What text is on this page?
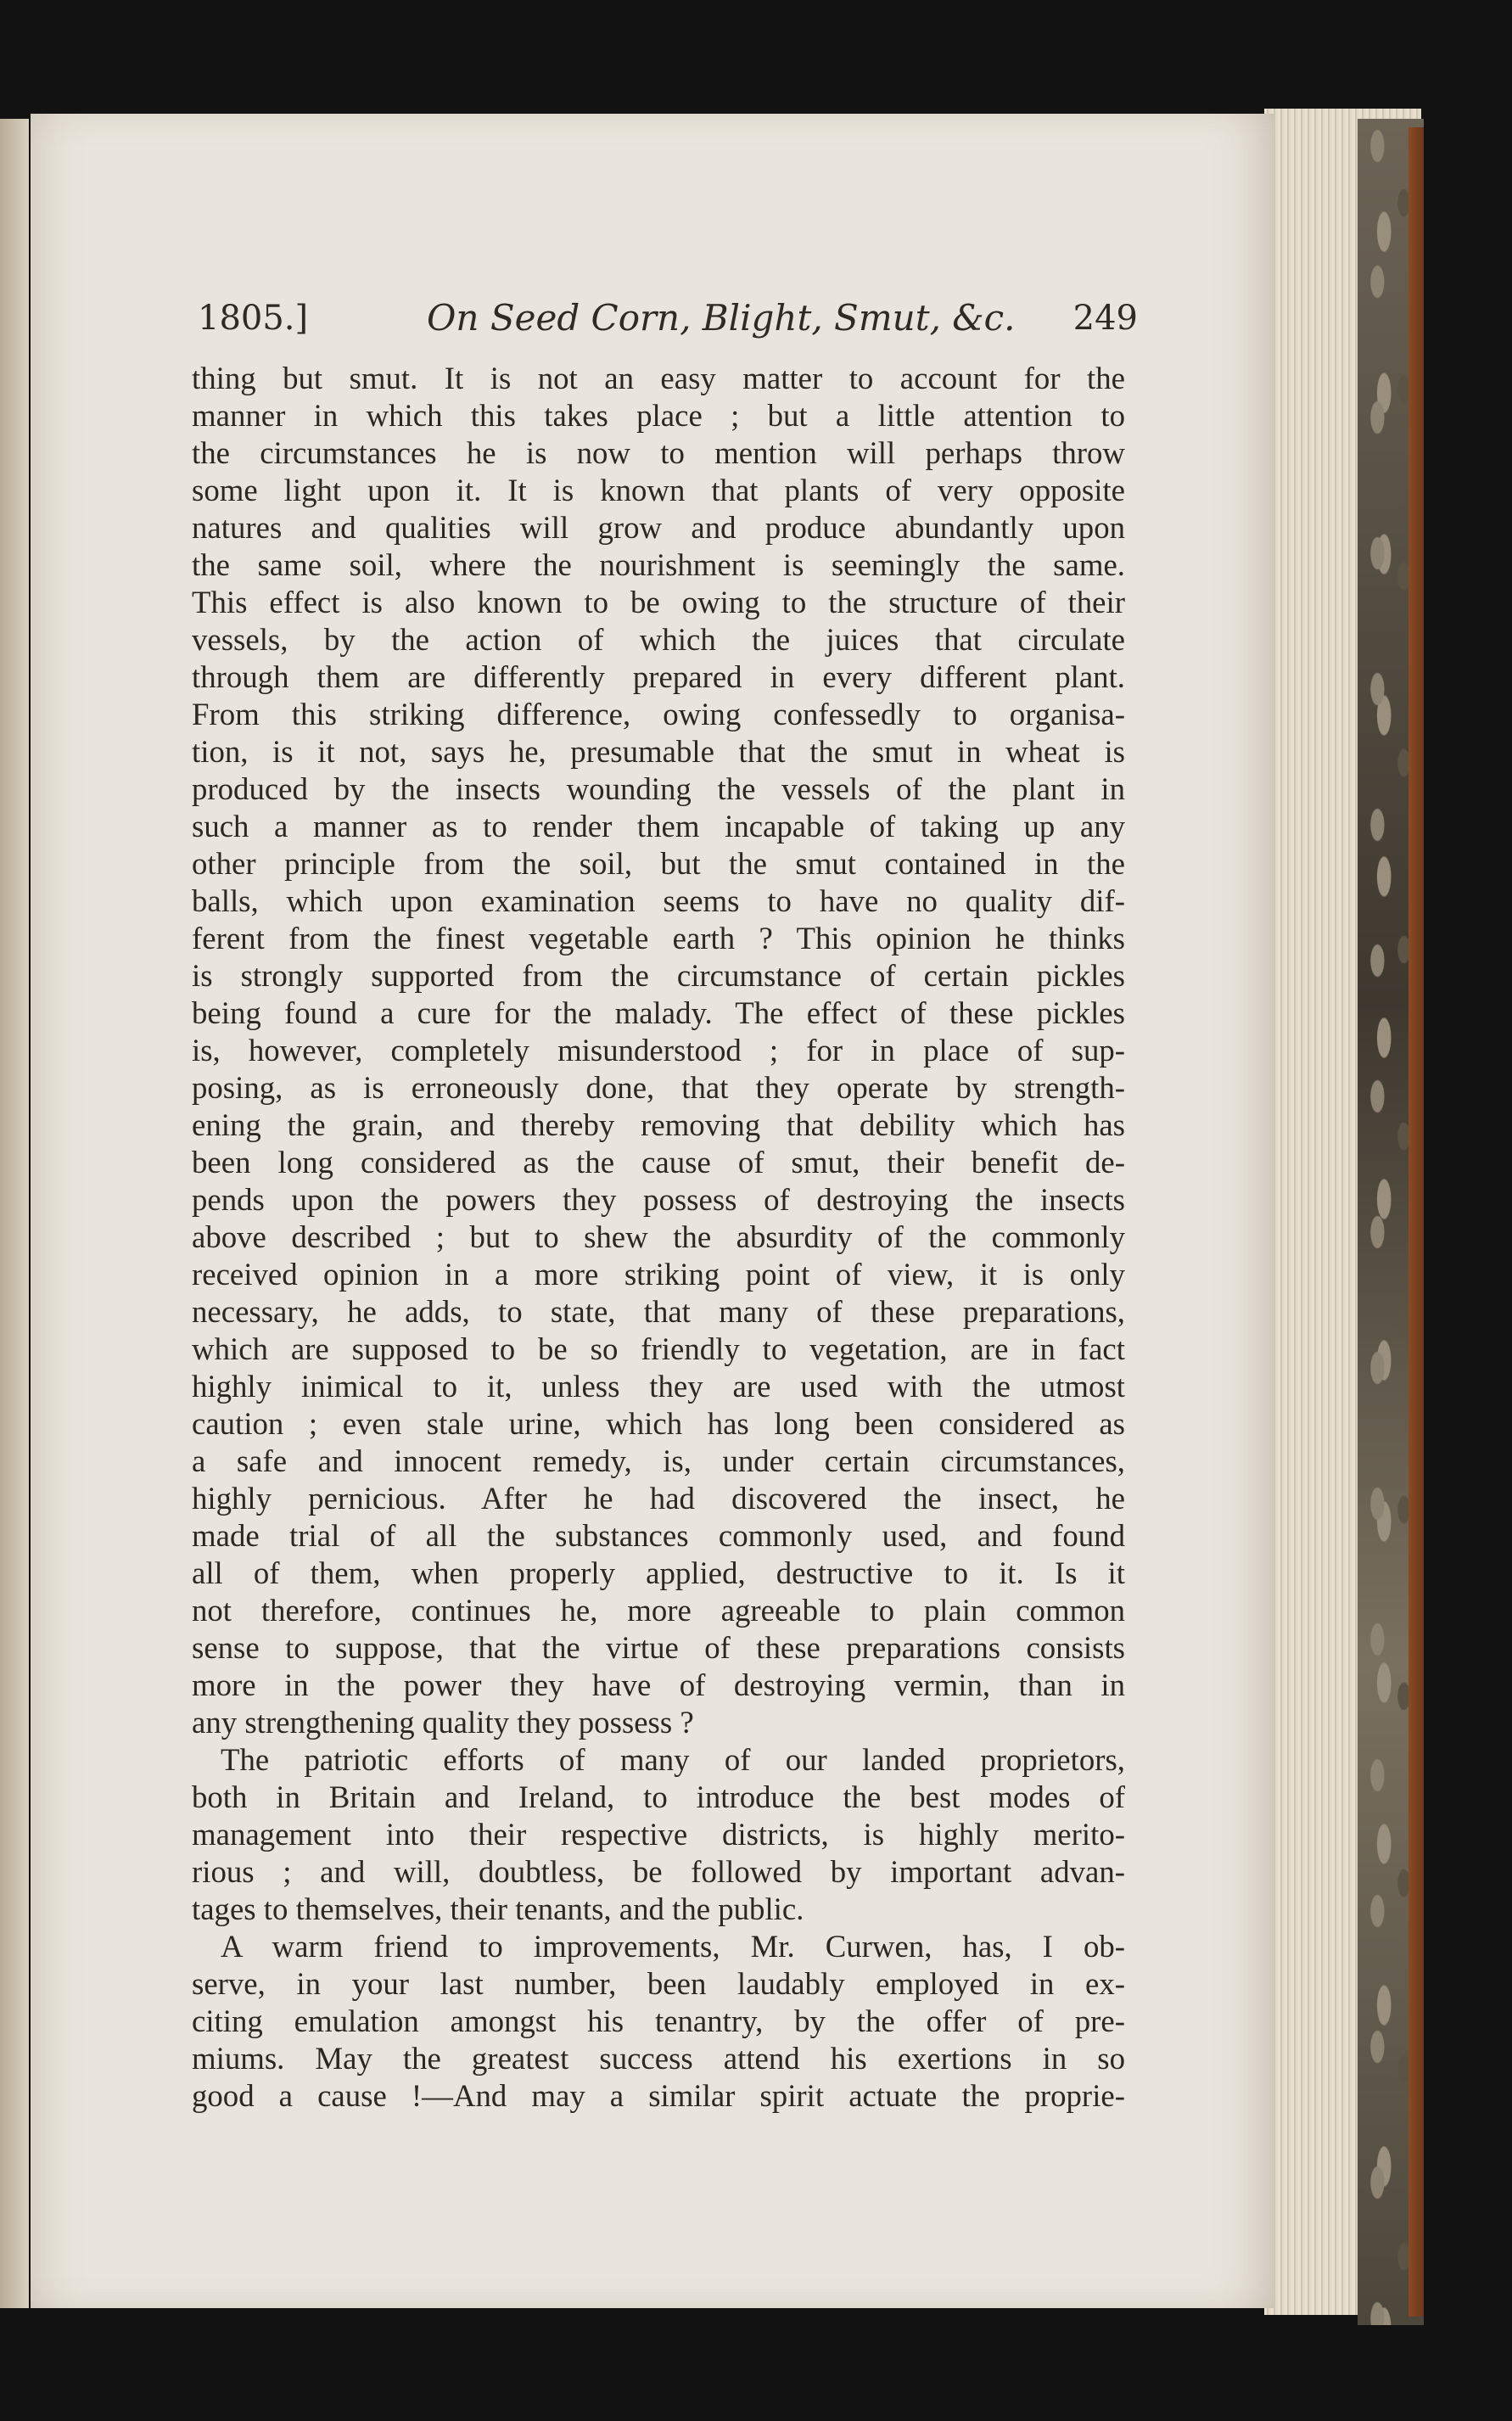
1805.]	On Seed Corn, Blight, Smut, &c. 249
thing but smut. It is not an easy matter to account for the
manner in which this takes place ; but a little attention to
the circumstances he is now to mention will perhaps throw
some light upon it. It is known that plants of very opposite
natures and qualities will grow and produce abundantly upon
the same soil, where the nourishment is seemingly the same.
This effect is also known to be owing to the structure of their
vessels, by the action of which the juices that circulate
through them are differently prepared in every different plant.
From this striking difference, owing confessedly to organisa-
tion, is it not, says he, presumable that the smut in wheat is
produced by the insects wounding the vessels of the plant in
such a manner as to render them incapable of taking up any
other principle from the soil, but the smut contained in the
balls, which upon examination seems to have no quality dif-
ferent from the finest vegetable earth ? This opinion he thinks
is strongly supported from the circumstance of certain pickles
being found a cure for the malady. The effect of these pickles
is, however, completely misunderstood ; for in place of sup-
posing, as is erroneously done, that they operate by strength-
ening the grain, and thereby removing that debility which has
been long considered as the cause of smut, their benefit de-
pends upon the powers they possess of destroying the insects
above described ; but to shew the absurdity of the commonly
received opinion in a more striking point of view, it is only
necessary, he adds, to state, that many of these preparations,
which are supposed to be so friendly to vegetation, are in fact
highly inimical to it, unless they are used with the utmost
caution ; even stale urine, which has long been considered as
a safe and innocent remedy, is, under certain circumstances,
highly pernicious. After he had discovered the insect, he
made trial of all the substances commonly used, and found
all of them, when properly applied, destructive to it. Is it
not therefore, continues he, more agreeable to plain common
sense to suppose, that the virtue of these preparations consists
more in the power they have of destroying vermin, than in
any strengthening quality they possess ?
The patriotic efforts of many of our landed proprietors,
both in Britain and Ireland, to introduce the best modes of
management into their respective districts, is highly merito-
rious ; and will, doubtless, be followed by important advan-
tages to themselves, their tenants, and the public.
A warm friend to improvements, Mr. Curwen, has, I ob-
serve, in your last number, been laudably employed in ex-
citing emulation amongst his tenantry, by the offer of pre-
miums. May the greatest success attend his exertions in so
good a cause !—And may a similar spirit actuate the proprie-
